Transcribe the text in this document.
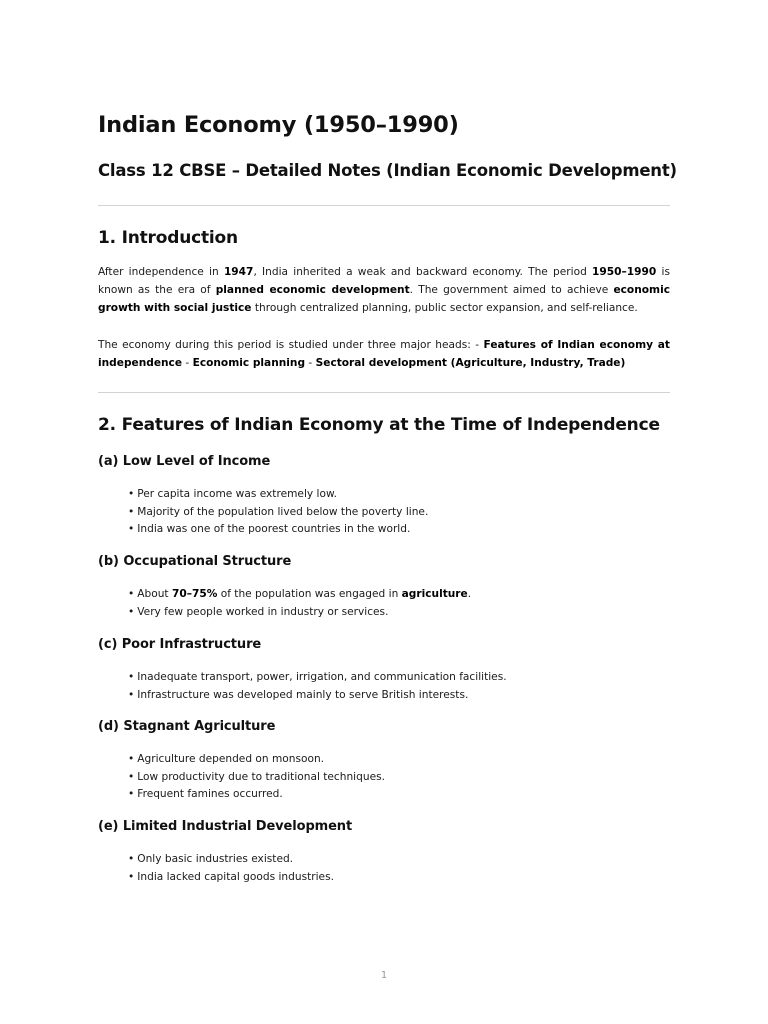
Indian Economy (1950–1990)
Class 12 CBSE – Detailed Notes (Indian Economic Development)
1. Introduction

After independence in 1947, India inherited a weak and backward economy. The period 1950–1990 is known as the era of planned economic development. The government aimed to achieve economic growth with social justice through centralized planning, public sector expansion, and self-reliance.

The economy during this period is studied under three major heads: - Features of Indian economy at independence - Economic planning - Sectoral development (Agriculture, Industry, Trade)

2. Features of Indian Economy at the Time of Independence
(a) Low Level of Income
• Per capita income was extremely low.
• Majority of the population lived below the poverty line.
• India was one of the poorest countries in the world.
(b) Occupational Structure
• About 70–75% of the population was engaged in agriculture.
• Very few people worked in industry or services.
(c) Poor Infrastructure
• Inadequate transport, power, irrigation, and communication facilities.
• Infrastructure was developed mainly to serve British interests.
(d) Stagnant Agriculture
• Agriculture depended on monsoon.
• Low productivity due to traditional techniques.
• Frequent famines occurred.
(e) Limited Industrial Development
• Only basic industries existed.
• India lacked capital goods industries.
1
